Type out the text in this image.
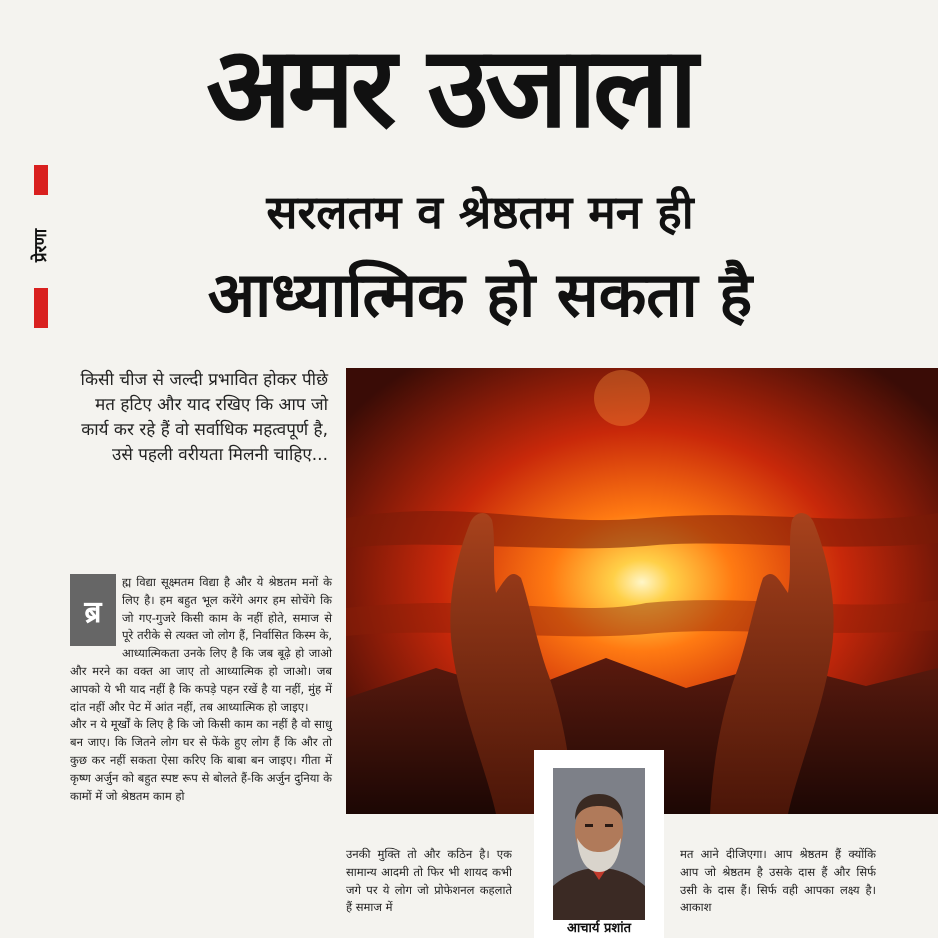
अमर उजाला
प्रेरणा
सरलतम व श्रेष्ठतम मन ही
आध्यात्मिक हो सकता है
किसी चीज से जल्दी प्रभावित होकर पीछे मत हटिए और याद रखिए कि आप जो कार्य कर रहे हैं वो सर्वाधिक महत्वपूर्ण है, उसे पहली वरीयता मिलनी चाहिए...

ह्म विद्या सूक्ष्मतम विद्या है और ये श्रेष्ठतम मनों के लिए है। हम बहुत भूल करेंगे अगर हम सोचेंगे कि जो गए-गुजरे किसी काम के नहीं होते, समाज से पूरे तरीके से त्यक्त जो लोग हैं, निर्वासित किस्म के, आध्यात्मिकता उनके लिए है कि जब बूढ़े हो जाओ और मरने का वक्त आ जाए तो आध्यात्मिक हो जाओ। जब आपको ये भी याद नहीं है कि कपड़े पहन रखें है या नहीं, मुंह में दांत नहीं और पेट में आंत नहीं, तब आध्यात्मिक हो जाइए।

और न ये मूर्खों के लिए है कि जो किसी काम का नहीं है वो साधु बन जाए। कि जितने लोग घर से फेंके हुए लोग हैं कि और तो कुछ कर नहीं सकता ऐसा करिए कि बाबा बन जाइए। गीता में कृष्ण अर्जुन को बहुत स्पष्ट रूप से बोलते हैं-कि अर्जुन दुनिया के कामों में जो श्रेष्ठतम काम हो

ब्र
उनकी मुक्ति तो और कठिन है। एक सामान्य आदमी तो फिर भी शायद कभी जगे पर ये लोग जो प्रोफेशनल कहलाते हैं समाज में
आचार्य प्रशांत
मत आने दीजिएगा। आप श्रेष्ठतम हैं क्योंकि आप जो श्रेष्ठतम है उसके दास हैं और सिर्फ उसी के दास हैं। सिर्फ वही आपका लक्ष्य है। आकाश
